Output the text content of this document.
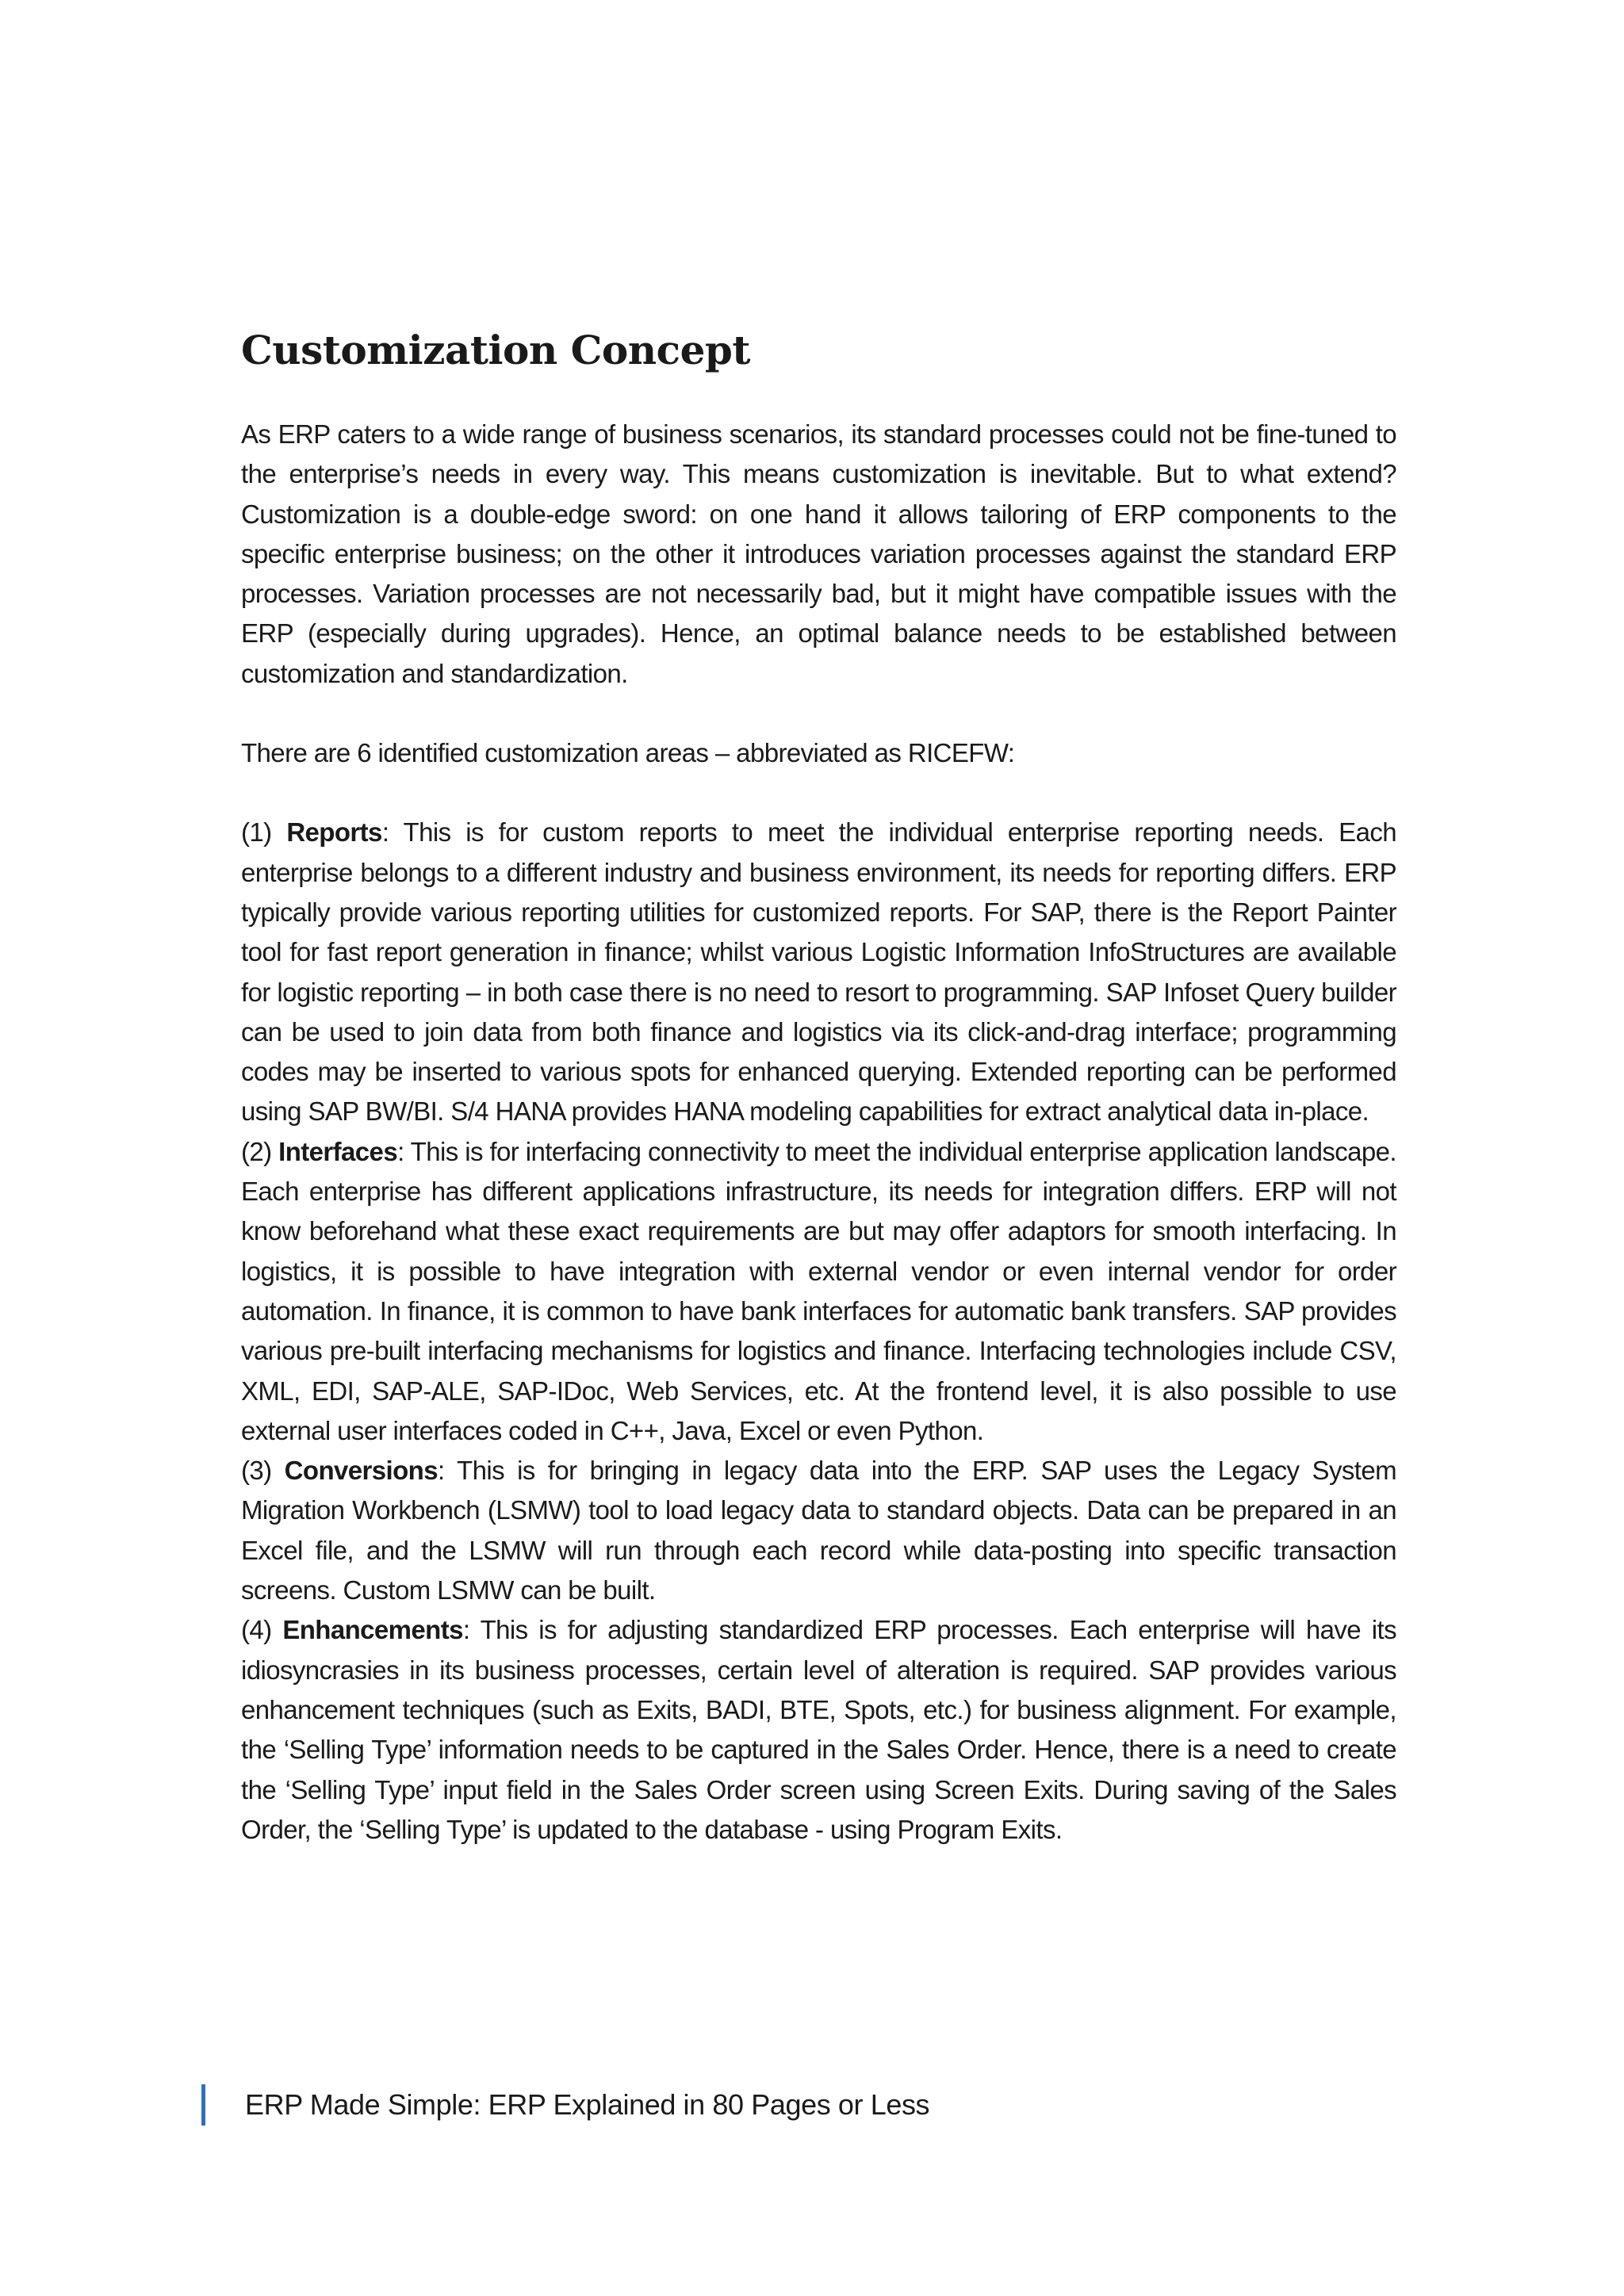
Customization Concept

As ERP caters to a wide range of business scenarios, its standard processes could not be fine-tuned to the enterprise’s needs in every way. This means customization is inevitable. But to what extend? Customization is a double-edge sword: on one hand it allows tailoring of ERP components to the specific enterprise business; on the other it introduces variation processes against the standard ERP processes. Variation processes are not necessarily bad, but it might have compatible issues with the ERP (especially during upgrades). Hence, an optimal balance needs to be established between customization and standardization.

There are 6 identified customization areas – abbreviated as RICEFW:

(1) Reports: This is for custom reports to meet the individual enterprise reporting needs. Each enterprise belongs to a different industry and business environment, its needs for reporting differs. ERP typically provide various reporting utilities for customized reports. For SAP, there is the Report Painter tool for fast report generation in finance; whilst various Logistic Information InfoStructures are available for logistic reporting – in both case there is no need to resort to programming. SAP Infoset Query builder can be used to join data from both finance and logistics via its click-and-drag interface; programming codes may be inserted to various spots for enhanced querying. Extended reporting can be performed using SAP BW/BI. S/4 HANA provides HANA modeling capabilities for extract analytical data in-place.

(2) Interfaces: This is for interfacing connectivity to meet the individual enterprise application landscape. Each enterprise has different applications infrastructure, its needs for integration differs. ERP will not know beforehand what these exact requirements are but may offer adaptors for smooth interfacing. In logistics, it is possible to have integration with external vendor or even internal vendor for order automation. In finance, it is common to have bank interfaces for automatic bank transfers. SAP provides various pre-built interfacing mechanisms for logistics and finance. Interfacing technologies include CSV, XML, EDI, SAP-ALE, SAP-IDoc, Web Services, etc. At the frontend level, it is also possible to use external user interfaces coded in C++, Java, Excel or even Python.

(3) Conversions: This is for bringing in legacy data into the ERP. SAP uses the Legacy System Migration Workbench (LSMW) tool to load legacy data to standard objects. Data can be prepared in an Excel file, and the LSMW will run through each record while data-posting into specific transaction screens. Custom LSMW can be built.

(4) Enhancements: This is for adjusting standardized ERP processes. Each enterprise will have its idiosyncrasies in its business processes, certain level of alteration is required. SAP provides various enhancement techniques (such as Exits, BADI, BTE, Spots, etc.) for business alignment. For example, the ‘Selling Type’ information needs to be captured in the Sales Order. Hence, there is a need to create the ‘Selling Type’ input field in the Sales Order screen using Screen Exits. During saving of the Sales Order, the ‘Selling Type’ is updated to the database - using Program Exits.

ERP Made Simple: ERP Explained in 80 Pages or Less
